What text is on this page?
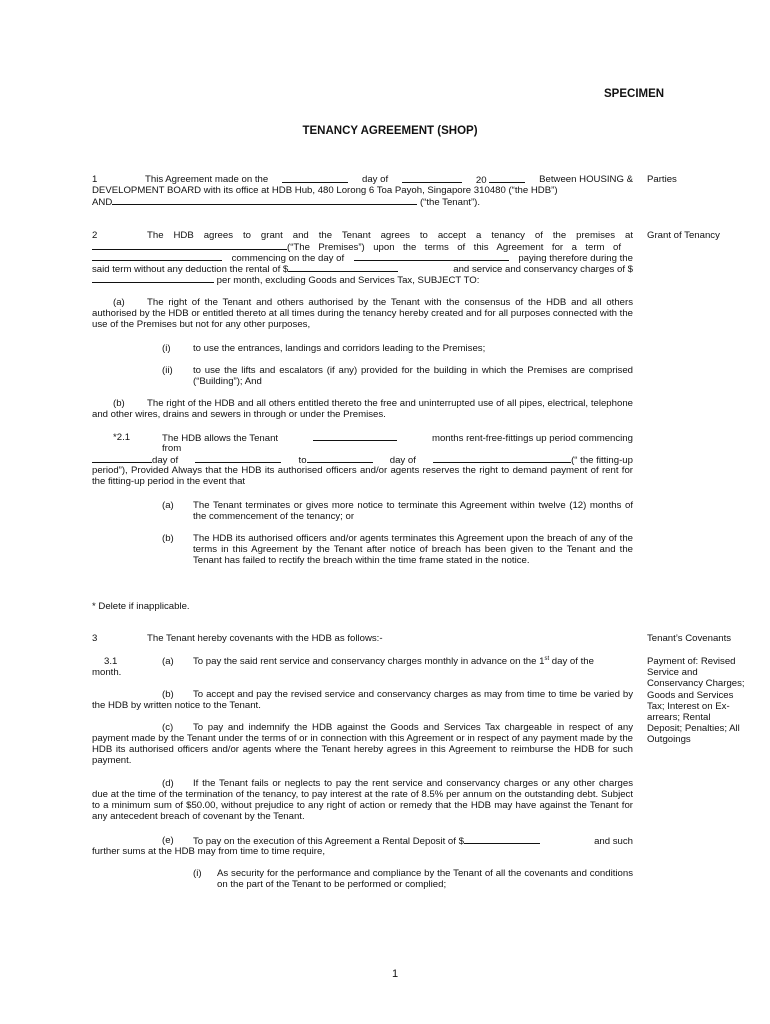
SPECIMEN
TENANCY AGREEMENT (SHOP)
1	This Agreement made on the	day of	20	Between HOUSING &
DEVELOPMENT BOARD with its office at HDB Hub, 480 Lorong 6 Toa Payoh, Singapore 310480 (“the HDB”)
AND	(“the Tenant”).
Parties
2	The HDB agrees to grant and the Tenant agrees to accept a tenancy of the premises at
(“The Premises”) upon the terms of this Agreement for a term of
commencing on the day of	paying therefore during the
said term without any deduction the rental of $	and service and conservancy charges of $
per month, excluding Goods and Services Tax, SUBJECT TO:
Grant of Tenancy
(a)	The right of the Tenant and others authorised by the Tenant with the consensus of the HDB and all others authorised by the HDB or entitled thereto at all times during the tenancy hereby created and for all purposes connected with the use of the Premises but not for any other purposes,
(i) to use the entrances, landings and corridors leading to the Premises;
(ii) to use the lifts and escalators (if any) provided for the building in which the Premises are comprised (“Building”); And
(b)	The right of the HDB and all others entitled thereto the free and uninterrupted use of all pipes, electrical, telephone and other wires, drains and sewers in through or under the Premises.
*2.1	The HDB allows the Tenant	months rent-free-fittings up period commencing
from
day of	to	day of	(“ the fitting-up
period”), Provided Always that the HDB its authorised officers and/or agents reserves the right to demand payment of rent for the fitting-up period in the event that
(a) The Tenant terminates or gives more notice to terminate this Agreement within twelve (12) months of the commencement of the tenancy; or
(b) The HDB its authorised officers and/or agents terminates this Agreement upon the breach of any of the terms in this Agreement by the Tenant after notice of breach has been given to the Tenant and the Tenant has failed to rectify the breach within the time frame stated in the notice.
* Delete if inapplicable.
3	The Tenant hereby covenants with the HDB as follows:-	Tenant’s Covenants
3.1	(a) To pay the said rent service and conservancy charges monthly in advance on the 1st day of the
month.
(b)	To accept and pay the revised service and conservancy charges as may from time to time be varied by the HDB by written notice to the Tenant.
(c)	To pay and indemnify the HDB against the Goods and Services Tax chargeable in respect of any payment made by the Tenant under the terms of or in connection with this Agreement or in respect of any payment made by the HDB its authorised officers and/or agents where the Tenant hereby agrees in this Agreement to reimburse the HDB for such payment.
(d)	If the Tenant fails or neglects to pay the rent service and conservancy charges or any other charges due at the time of the termination of the tenancy, to pay interest at the rate of 8.5% per annum on the outstanding debt. Subject to a minimum sum of $50.00, without prejudice to any right of action or remedy that the HDB may have against the Tenant for any antecedent breach of covenant by the Tenant.
(e) To pay on the execution of this Agreement a Rental Deposit of $	and such
further sums at the HDB may from time to time require,
(i) As security for the performance and compliance by the Tenant of all the covenants and conditions on the part of the Tenant to be performed or complied;
Payment of: Revised Service and Conservancy Charges; Goods and Services Tax; Interest on Ex-arrears; Rental Deposit; Penalties; All Outgoings
1
